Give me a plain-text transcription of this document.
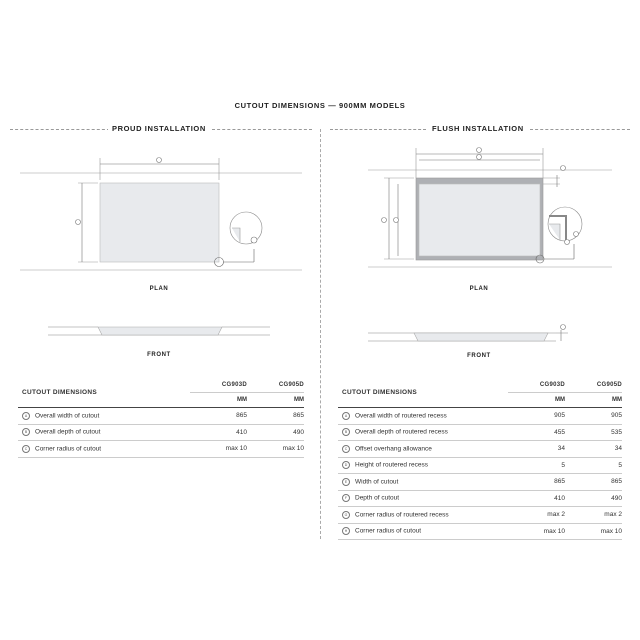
CUTOUT DIMENSIONS — 900MM MODELS
PROUD INSTALLATION	FLUSH INSTALLATION
PLAN
FRONT
PLAN
FRONT
CUTOUT DIMENSIONS	CG903D	CG905D
	MM	MM
A Overall width of cutout	865	865
B Overall depth of cutout	410	490
C Corner radius of cutout	max 10	max 10
CUTOUT DIMENSIONS	CG903D	CG905D
	MM	MM
A Overall width of routered recess	905	905
B Overall depth of routered recess	455	535
C Offset overhang allowance	34	34
D Height of routered recess	5	5
E Width of cutout	865	865
F Depth of cutout	410	490
G Corner radius of routered recess	max 2	max 2
H Corner radius of cutout	max 10	max 10
